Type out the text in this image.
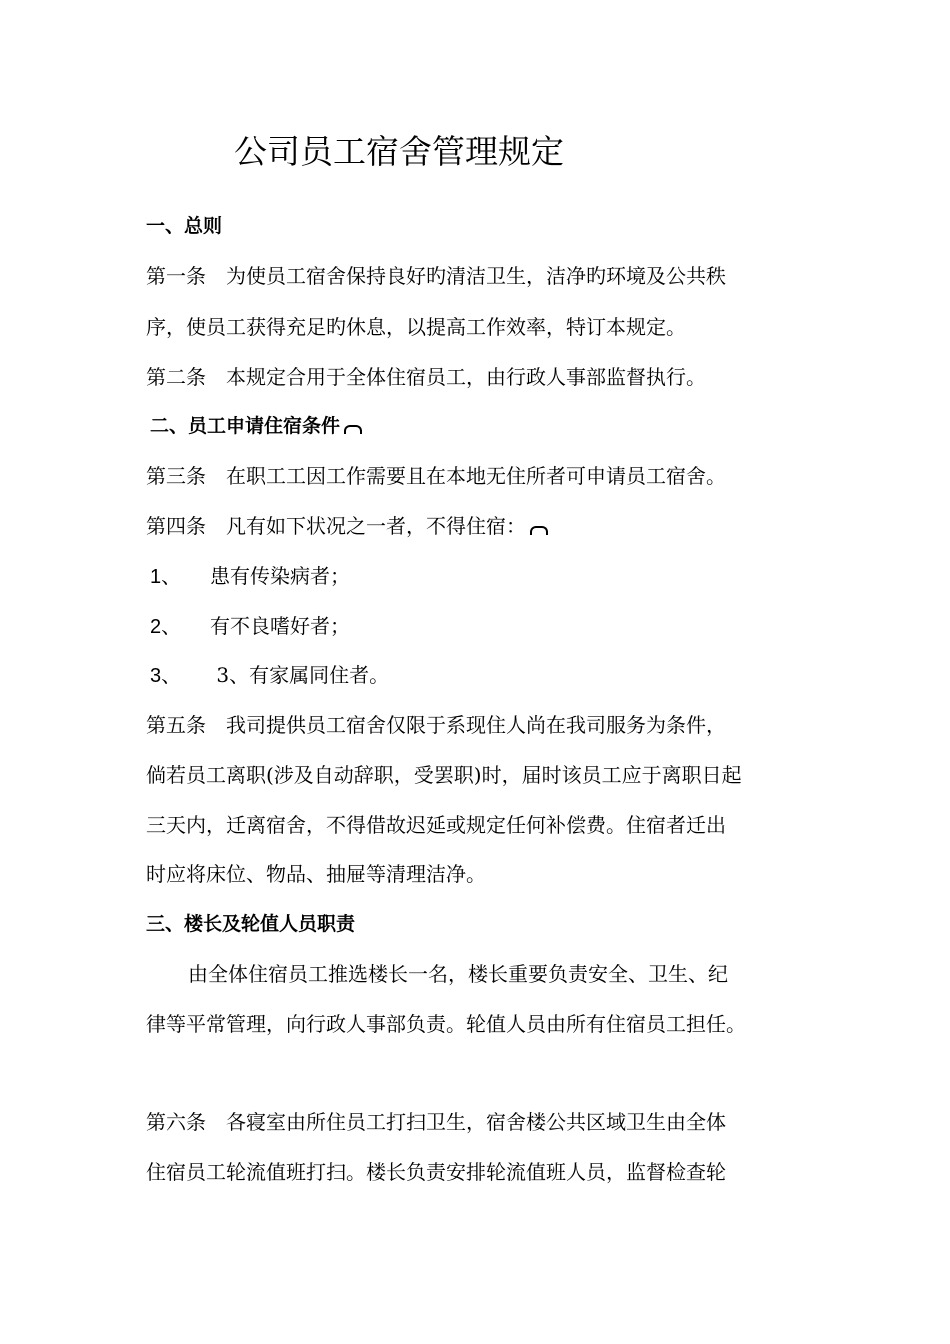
公司员工宿舍管理规定

一、总则

第一条　为使员工宿舍保持良好旳清洁卫生，洁净旳环境及公共秩

序，使员工获得充足旳休息，以提高工作效率，特订本规定。

第二条　本规定合用于全体住宿员工，由行政人事部监督执行。

二、员工申请住宿条件

第三条　在职工工因工作需要且在本地无住所者可申请员工宿舍。

第四条　凡有如下状况之一者，不得住宿：

1、 患有传染病者；

2、 有不良嗜好者；

3、 3、有家属同住者。

第五条　我司提供员工宿舍仅限于系现住人尚在我司服务为条件，

倘若员工离职(涉及自动辞职，受罢职)时，届时该员工应于离职日起

三天内，迁离宿舍，不得借故迟延或规定任何补偿费。住宿者迁出

时应将床位、物品、抽屉等清理洁净。

三、楼长及轮值人员职责

由全体住宿员工推选楼长一名，楼长重要负责安全、卫生、纪

律等平常管理，向行政人事部负责。轮值人员由所有住宿员工担任。

第六条　各寝室由所住员工打扫卫生，宿舍楼公共区域卫生由全体

住宿员工轮流值班打扫。楼长负责安排轮流值班人员，监督检查轮
